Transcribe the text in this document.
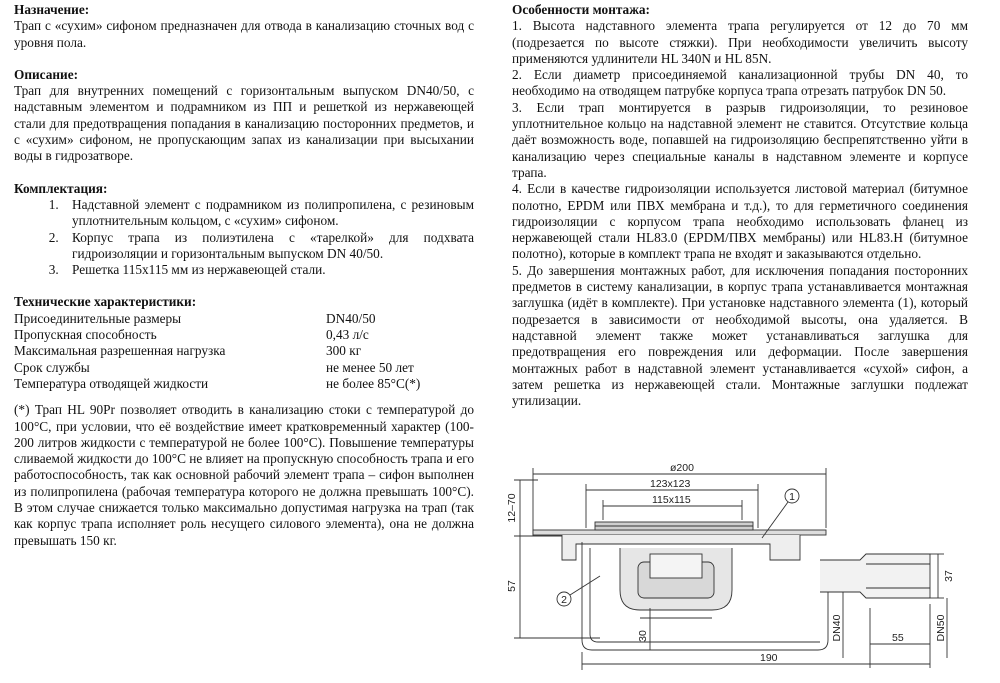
Назначение:
Трап с «сухим» сифоном предназначен для отвода в канализацию сточных вод с уровня пола.
Описание:
Трап для внутренних помещений с горизонтальным выпуском DN40/50, с надставным элементом и подрамником из ПП и решеткой из нержавеющей стали для предотвращения попадания в канализацию посторонних предметов, и с «сухим» сифоном, не пропускающим запах из канализации при высыхании воды в гидрозатворе.
Комплектация:
1. Надставной элемент с подрамником из полипропилена, с резиновым уплотнительным кольцом, с «сухим» сифоном.
2. Корпус трапа из полиэтилена с «тарелкой» для подхвата гидроизоляции и горизонтальным выпуском DN 40/50.
3. Решетка 115х115 мм из нержавеющей стали.
Технические характеристики:
Присоединительные размеры	DN40/50
Пропускная способность	0,43 л/с
Максимальная разрешенная нагрузка	300 кг
Срок службы	не менее 50 лет
Температура отводящей жидкости	не более 85°С(*)
(*) Трап HL 90Pr позволяет отводить в канализацию стоки с температурой до 100°С, при условии, что её воздействие имеет кратковременный характер (100-200 литров жидкости с температурой не более 100°С). Повышение температуры сливаемой жидкости до 100°С не влияет на пропускную способность трапа и его работоспособность, так как основной рабочий элемент трапа – сифон выполнен из полипропилена (рабочая температура которого не должна превышать 100°С). В этом случае снижается только максимально допустимая нагрузка на трап (так как корпус трапа исполняет роль несущего силового элемента), она не должна превышать 150 кг.
Особенности монтажа:
1. Высота надставного элемента трапа регулируется от 12 до 70 мм (подрезается по высоте стяжки). При необходимости увеличить высоту применяются удлинители HL 340N и HL 85N.
2. Если диаметр присоединяемой канализационной трубы DN 40, то необходимо на отводящем патрубке корпуса трапа отрезать патрубок DN 50.
3. Если трап монтируется в разрыв гидроизоляции, то резиновое уплотнительное кольцо на надставной элемент не ставится. Отсутствие кольца даёт возможность воде, попавшей на гидроизоляцию беспрепятственно уйти в канализацию через специальные каналы в надставном элементе и корпусе трапа.
4. Если в качестве гидроизоляции используется листовой материал (битумное полотно, EPDM или ПВХ мембрана и т.д.), то для герметичного соединения гидроизоляции с корпусом трапа необходимо использовать фланец из нержавеющей стали HL83.0 (EPDM/ПВХ мембраны) или HL83.H (битумное полотно), которые в комплект трапа не входят и заказываются отдельно.
5. До завершения монтажных работ, для исключения попадания посторонних предметов в систему канализации, в корпус трапа устанавливается монтажная заглушка (идёт в комплекте). При установке надставного элемента (1), который подрезается в зависимости от необходимой высоты, она удаляется. В надставной элемент также может устанавливаться заглушка для предотвращения его повреждения или деформации. После завершения монтажных работ в надставной элемент устанавливается «сухой» сифон, а затем решетка из нержавеющей стали. Монтажные заглушки подлежат утилизации.
ø200
123х123
115х115
12–70
57
30
37
55
190
DN40	DN50
1
2
